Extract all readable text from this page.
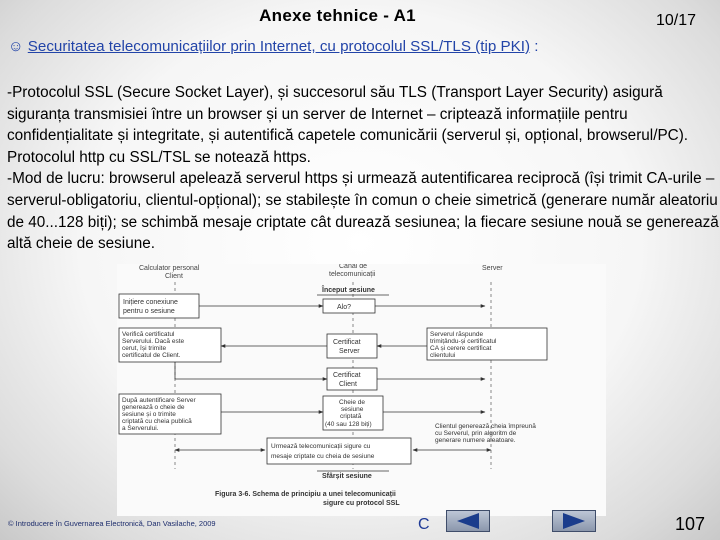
Anexe tehnice - A1	10/17
☺ Securitatea telecomunicațiilor prin Internet, cu protocolul SSL/TLS (tip PKI) :
-Protocolul SSL (Secure Socket Layer), și succesorul său TLS (Transport Layer Security) asigură siguranța transmisiei între un browser și un server de Internet – criptează informațiile pentru confidențialitate și integritate, și autentifică capetele comunicării (serverul și, opțional, browserul/PC). Protocolul http cu SSL/TSL se notează https.
-Mod de lucru: browserul apelează serverul https și urmează autentificarea reciprocă (își trimit CA-urile – serverul-obligatoriu, clientul-opțional); se stabilește în comun o cheie simetrică (generare număr aleatoriu de 40...128 biți); se schimbă mesaje criptate cât durează sesiunea; la fiecare sesiune nouă se generează altă cheie de sesiune.
Calculator personal
Client
Canal de
telecomunicații
Server
Început sesiune
Inițiere conexiune
pentru o sesiune
Alo?
Serverul răspunde
trimițându-și certificatul
CA și cerere certificat
clientului
Verifică certificatul
Serverului. Dacă este
cerut, își trimite
certificatul de Client.
Certificat
Server
Certificat
Client
După autentificare Server
generează o cheie de
sesiune și o trimite
criptată cu cheia publică
a Serverului.
Cheie de
sesiune
criptată
(40 sau 128 biți)	Clientul generează cheia împreună
cu Serverul, prin algoritm de
generare numere aleatoare.
Urmează telecomunicații sigure cu
mesaje criptate cu cheia de sesiune
Sfârșit sesiune
Figura 3-6. Schema de principiu a unei telecomunicații
sigure cu protocol SSL
© Introducere în Guvernarea Electronică, Dan Vasilache, 2009	C	107
